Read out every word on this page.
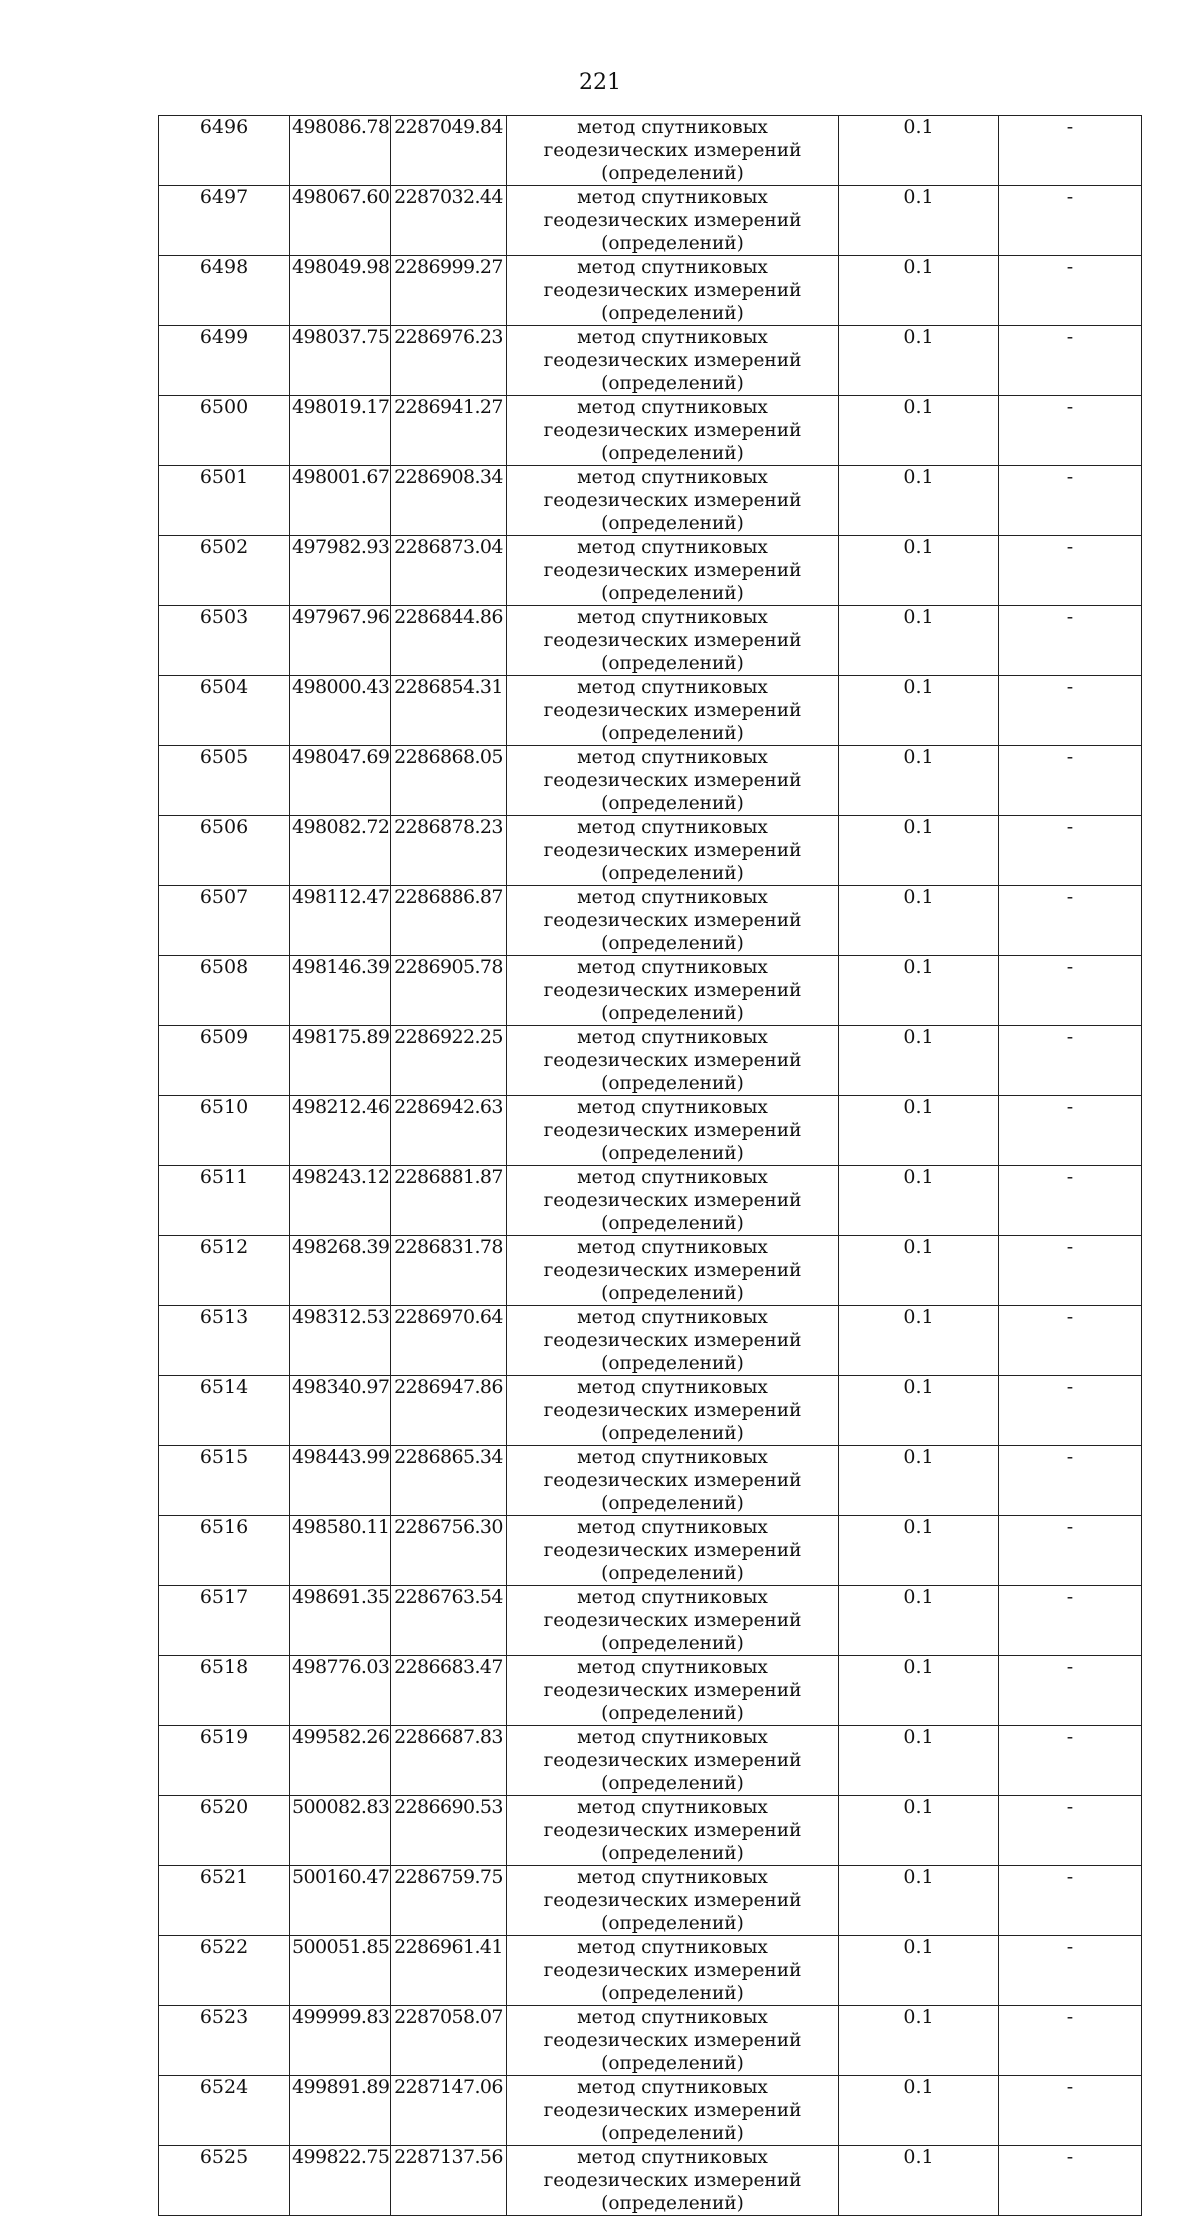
221
6496	498086.78	2287049.84	метод спутниковых геодезических измерений (определений)	0.1	-
6497	498067.60	2287032.44	метод спутниковых геодезических измерений (определений)	0.1	-
6498	498049.98	2286999.27	метод спутниковых геодезических измерений (определений)	0.1	-
6499	498037.75	2286976.23	метод спутниковых геодезических измерений (определений)	0.1	-
6500	498019.17	2286941.27	метод спутниковых геодезических измерений (определений)	0.1	-
6501	498001.67	2286908.34	метод спутниковых геодезических измерений (определений)	0.1	-
6502	497982.93	2286873.04	метод спутниковых геодезических измерений (определений)	0.1	-
6503	497967.96	2286844.86	метод спутниковых геодезических измерений (определений)	0.1	-
6504	498000.43	2286854.31	метод спутниковых геодезических измерений (определений)	0.1	-
6505	498047.69	2286868.05	метод спутниковых геодезических измерений (определений)	0.1	-
6506	498082.72	2286878.23	метод спутниковых геодезических измерений (определений)	0.1	-
6507	498112.47	2286886.87	метод спутниковых геодезических измерений (определений)	0.1	-
6508	498146.39	2286905.78	метод спутниковых геодезических измерений (определений)	0.1	-
6509	498175.89	2286922.25	метод спутниковых геодезических измерений (определений)	0.1	-
6510	498212.46	2286942.63	метод спутниковых геодезических измерений (определений)	0.1	-
6511	498243.12	2286881.87	метод спутниковых геодезических измерений (определений)	0.1	-
6512	498268.39	2286831.78	метод спутниковых геодезических измерений (определений)	0.1	-
6513	498312.53	2286970.64	метод спутниковых геодезических измерений (определений)	0.1	-
6514	498340.97	2286947.86	метод спутниковых геодезических измерений (определений)	0.1	-
6515	498443.99	2286865.34	метод спутниковых геодезических измерений (определений)	0.1	-
6516	498580.11	2286756.30	метод спутниковых геодезических измерений (определений)	0.1	-
6517	498691.35	2286763.54	метод спутниковых геодезических измерений (определений)	0.1	-
6518	498776.03	2286683.47	метод спутниковых геодезических измерений (определений)	0.1	-
6519	499582.26	2286687.83	метод спутниковых геодезических измерений (определений)	0.1	-
6520	500082.83	2286690.53	метод спутниковых геодезических измерений (определений)	0.1	-
6521	500160.47	2286759.75	метод спутниковых геодезических измерений (определений)	0.1	-
6522	500051.85	2286961.41	метод спутниковых геодезических измерений (определений)	0.1	-
6523	499999.83	2287058.07	метод спутниковых геодезических измерений (определений)	0.1	-
6524	499891.89	2287147.06	метод спутниковых геодезических измерений (определений)	0.1	-
6525	499822.75	2287137.56	метод спутниковых геодезических измерений (определений)	0.1	-
